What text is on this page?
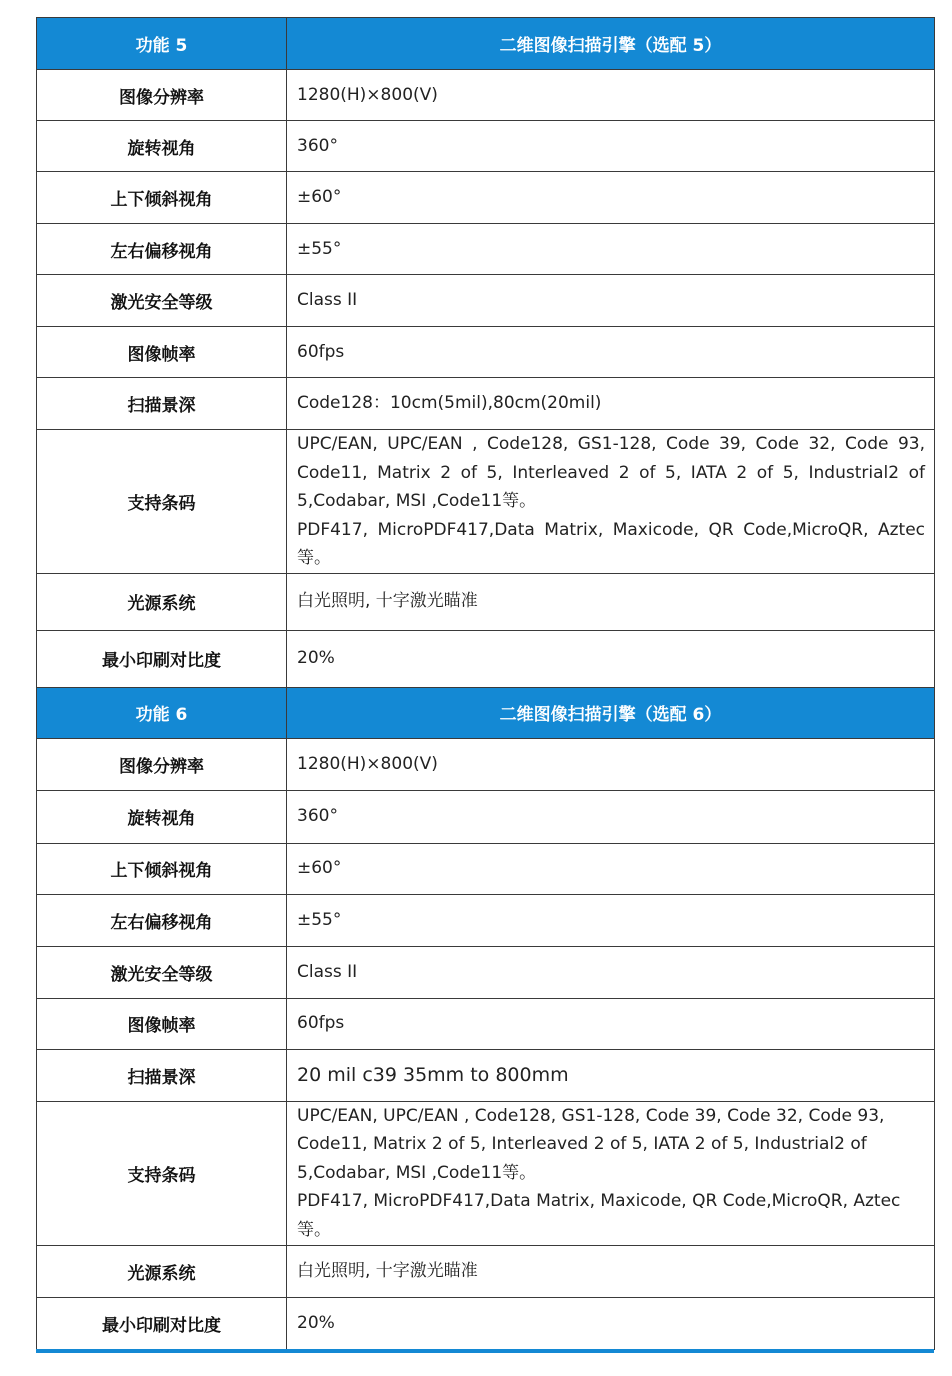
功能 5	二维图像扫描引擎（选配 5）
图像分辨率	1280(H)×800(V)
旋转视角	360°
上下倾斜视角	±60°
左右偏移视角	±55°
激光安全等级	Class II
图像帧率	60fps
扫描景深	Code128：10cm(5mil),80cm(20mil)
支持条码	UPC/EAN, UPC/EAN , Code128, GS1-128, Code 39, Code 32, Code 93, Code11, Matrix 2 of 5, Interleaved 2 of 5, IATA 2 of 5, Industrial2 of 5,Codabar, MSI ,Code11等。
PDF417, MicroPDF417,Data Matrix, Maxicode, QR Code,MicroQR, Aztec 等。

光源系统	白光照明, 十字激光瞄准
最小印刷对比度	20%
功能 6	二维图像扫描引擎（选配 6）
图像分辨率	1280(H)×800(V)
旋转视角	360°
上下倾斜视角	±60°
左右偏移视角	±55°
激光安全等级	Class II
图像帧率	60fps
扫描景深	20 mil c39 35mm to 800mm
支持条码	UPC/EAN, UPC/EAN , Code128, GS1-128, Code 39, Code 32, Code 93, Code11, Matrix 2 of 5, Interleaved 2 of 5, IATA 2 of 5, Industrial2 of 5,Codabar, MSI ,Code11等。
PDF417, MicroPDF417,Data Matrix, Maxicode, QR Code,MicroQR, Aztec 等。

光源系统	白光照明, 十字激光瞄准
最小印刷对比度	20%
